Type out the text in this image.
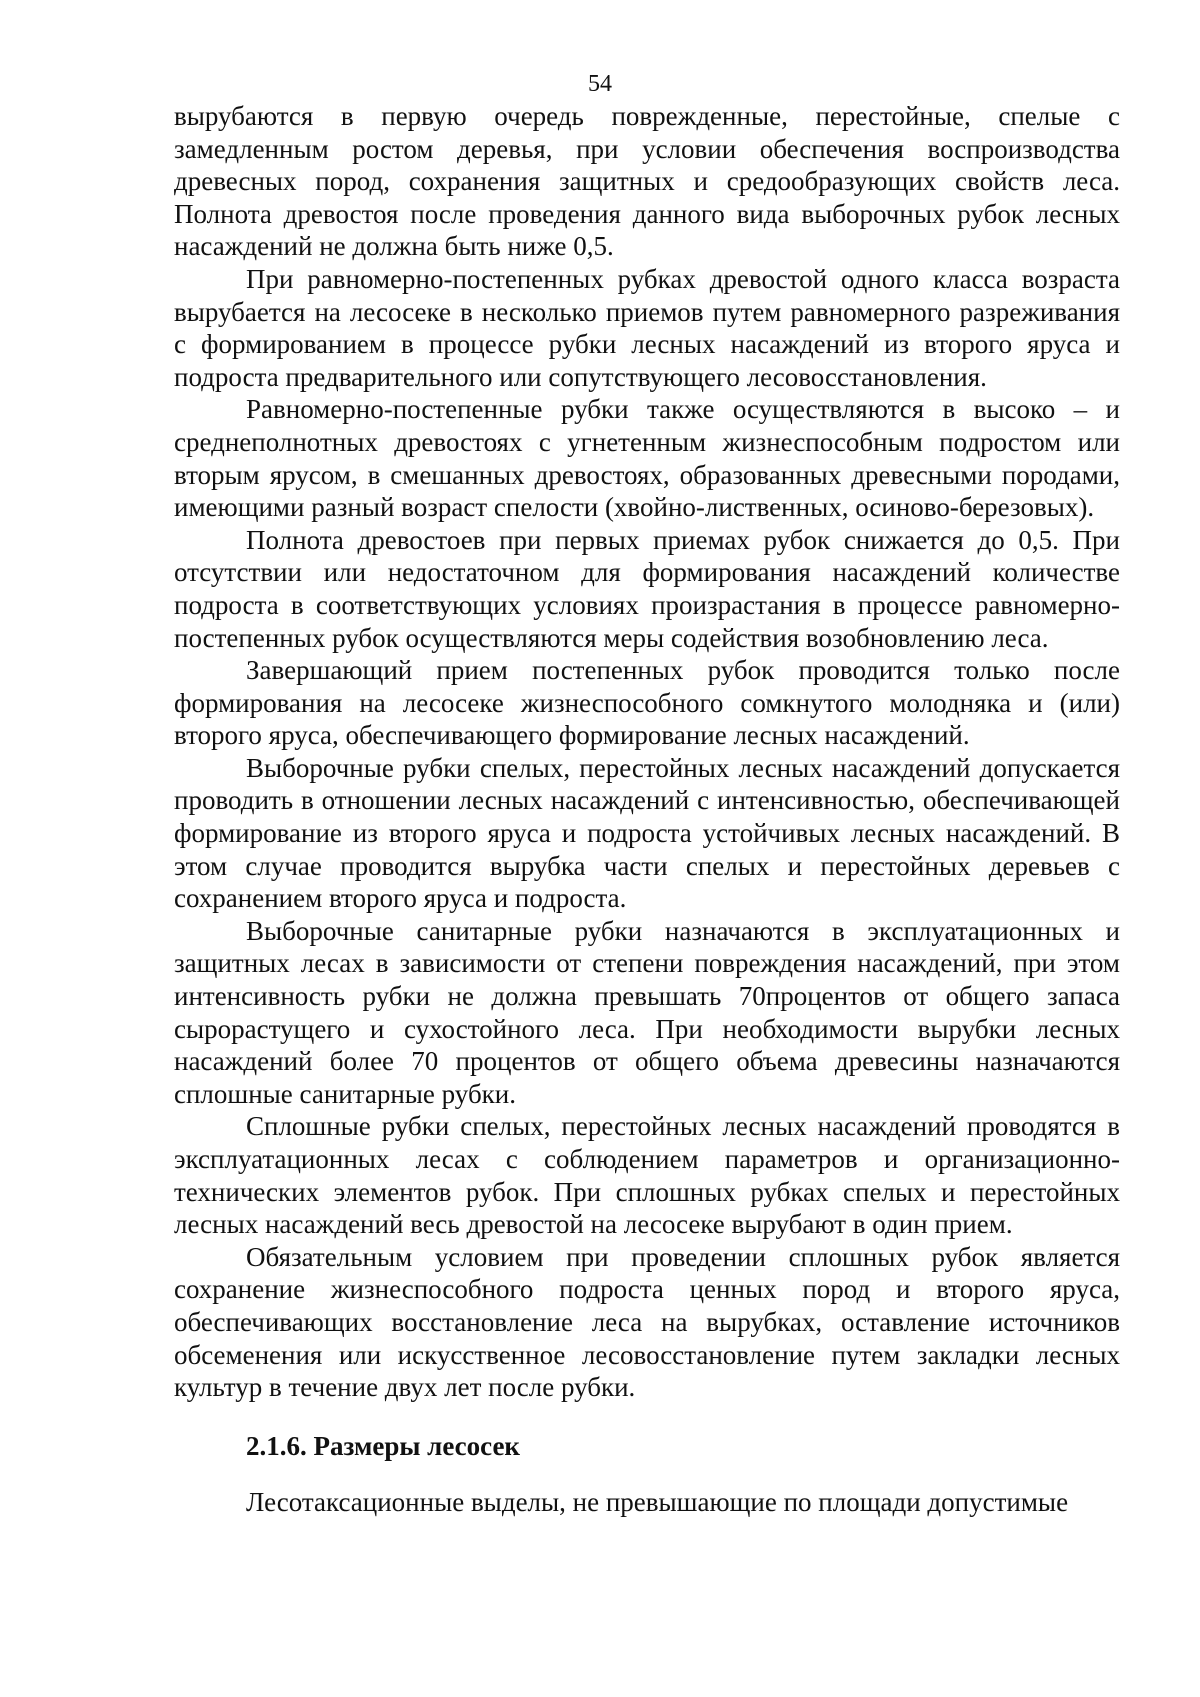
54

вырубаются в первую очередь поврежденные, перестойные, спелые с замедленным ростом деревья, при условии обеспечения воспроизводства древесных пород, сохранения защитных и средообразующих свойств леса. Полнота древостоя после проведения данного вида выборочных рубок лесных насаждений не должна быть ниже 0,5.

При равномерно-постепенных рубках древостой одного класса возраста вырубается на лесосеке в несколько приемов путем равномерного разреживания с формированием в процессе рубки лесных насаждений из второго яруса и подроста предварительного или сопутствующего лесовосстановления.

Равномерно-постепенные рубки также осуществляются в высоко – и среднеполнотных древостоях с угнетенным жизнеспособным подростом или вторым ярусом, в смешанных древостоях, образованных древесными породами, имеющими разный возраст спелости (хвойно-лиственных, осиново-березовых).

Полнота древостоев при первых приемах рубок снижается до 0,5. При отсутствии или недостаточном для формирования насаждений количестве подроста в соответствующих условиях произрастания в процессе равномерно-постепенных рубок осуществляются меры содействия возобновлению леса.

Завершающий прием постепенных рубок проводится только после формирования на лесосеке жизнеспособного сомкнутого молодняка и (или) второго яруса, обеспечивающего формирование лесных насаждений.

Выборочные рубки спелых, перестойных лесных насаждений допускается проводить в отношении лесных насаждений с интенсивностью, обеспечивающей формирование из второго яруса и подроста устойчивых лесных насаждений. В этом случае проводится вырубка части спелых и перестойных деревьев с сохранением второго яруса и подроста.

Выборочные санитарные рубки назначаются в эксплуатационных и защитных лесах в зависимости от степени повреждения насаждений, при этом интенсивность рубки не должна превышать 70процентов от общего запаса сырорастущего и сухостойного леса. При необходимости вырубки лесных насаждений более 70 процентов от общего объема древесины назначаются сплошные санитарные рубки.

Сплошные рубки спелых, перестойных лесных насаждений проводятся в эксплуатационных лесах с соблюдением параметров и организационно-технических элементов рубок. При сплошных рубках спелых и перестойных лесных насаждений весь древостой на лесосеке вырубают в один прием.

Обязательным условием при проведении сплошных рубок является сохранение жизнеспособного подроста ценных пород и второго яруса, обеспечивающих восстановление леса на вырубках, оставление источников обсеменения или искусственное лесовосстановление путем закладки лесных культур в течение двух лет после рубки.

2.1.6. Размеры лесосек

Лесотаксационные выделы, не превышающие по площади допустимые
